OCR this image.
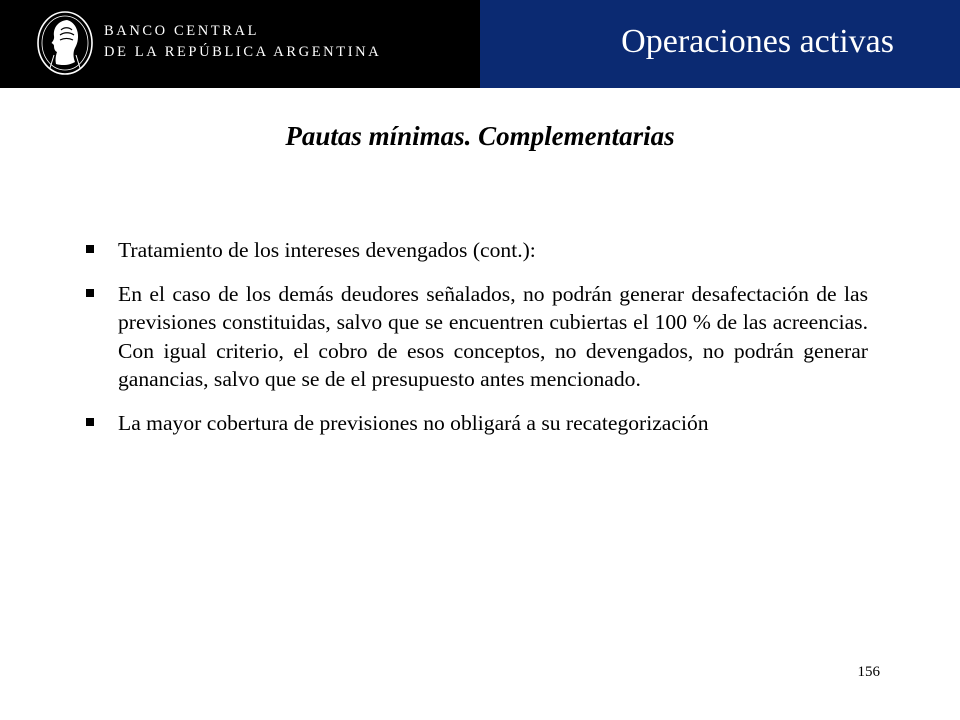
BANCO CENTRAL
DE LA REPÚBLICA ARGENTINA	Operaciones activas
Pautas mínimas. Complementarias
Tratamiento de los intereses devengados (cont.):
En el caso de los demás deudores señalados, no podrán generar desafectación de las previsiones constituidas, salvo que se encuentren cubiertas el 100 % de las acreencias. Con igual criterio, el cobro de esos conceptos, no devengados, no podrán generar ganancias, salvo que se de el presupuesto antes mencionado.
La mayor cobertura de previsiones no obligará a su recategorización
156
